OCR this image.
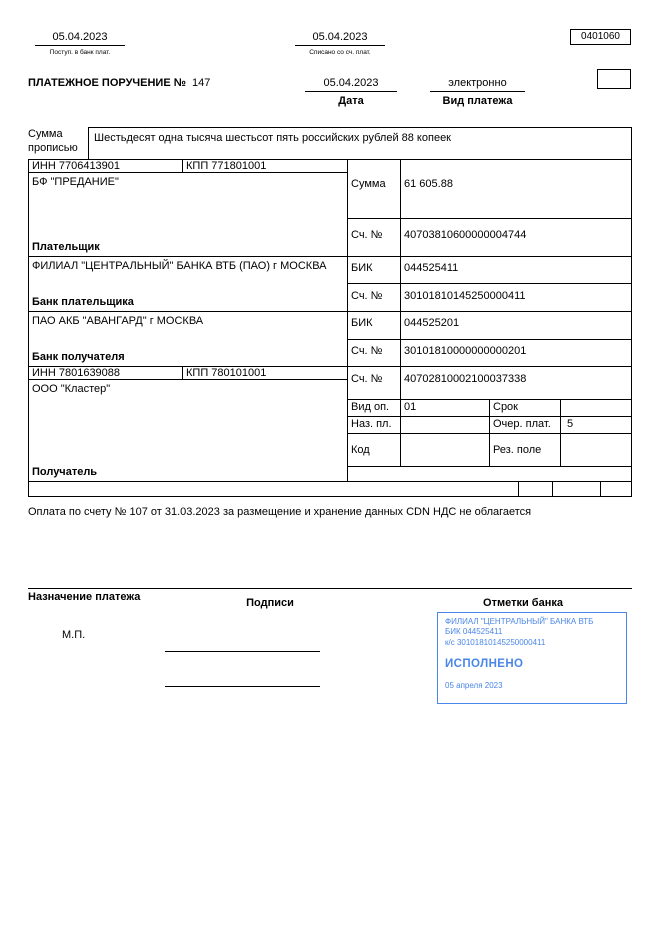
05.04.2023
Поступ. в банк плат.
05.04.2023
Списано со сч. плат.
0401060
ПЛАТЕЖНОЕ ПОРУЧЕНИЕ № 147	05.04.2023
Дата
электронно
Вид платежа
Сумма прописью
Шестьдесят одна тысяча шестьсот пять российских рублей 88 копеек
ИНН 7706413901	КПП 771801001
БФ "ПРЕДАНИЕ"
Плательщик
Сумма 61 605.88
Сч. № 40703810600000004744
ФИЛИАЛ "ЦЕНТРАЛЬНЫЙ" БАНКА ВТБ (ПАО) г МОСКВА
Банк плательщика
БИК	044525411
Сч. № 30101810145250000411
ПАО АКБ "АВАНГАРД" г МОСКВА
Банк получателя
БИК	044525201
Сч. № 30101810000000000201
ИНН 7801639088	КПП 780101001
ООО "Кластер"
Получатель
Сч. № 40702810002100037338
Вид оп. 01	Срок
Наз. пл.	Очер. плат. 5
Код	Рез. поле
Оплата по счету № 107 от 31.03.2023 за размещение и хранение данных CDN НДС не облагается
Назначение платежа	Подписи	Отметки банка
М.П.
ФИЛИАЛ "ЦЕНТРАЛЬНЫЙ" БАНКА ВТБ
БИК 044525411
к/с 30101810145250000411
ИСПОЛНЕНО
05 апреля 2023
